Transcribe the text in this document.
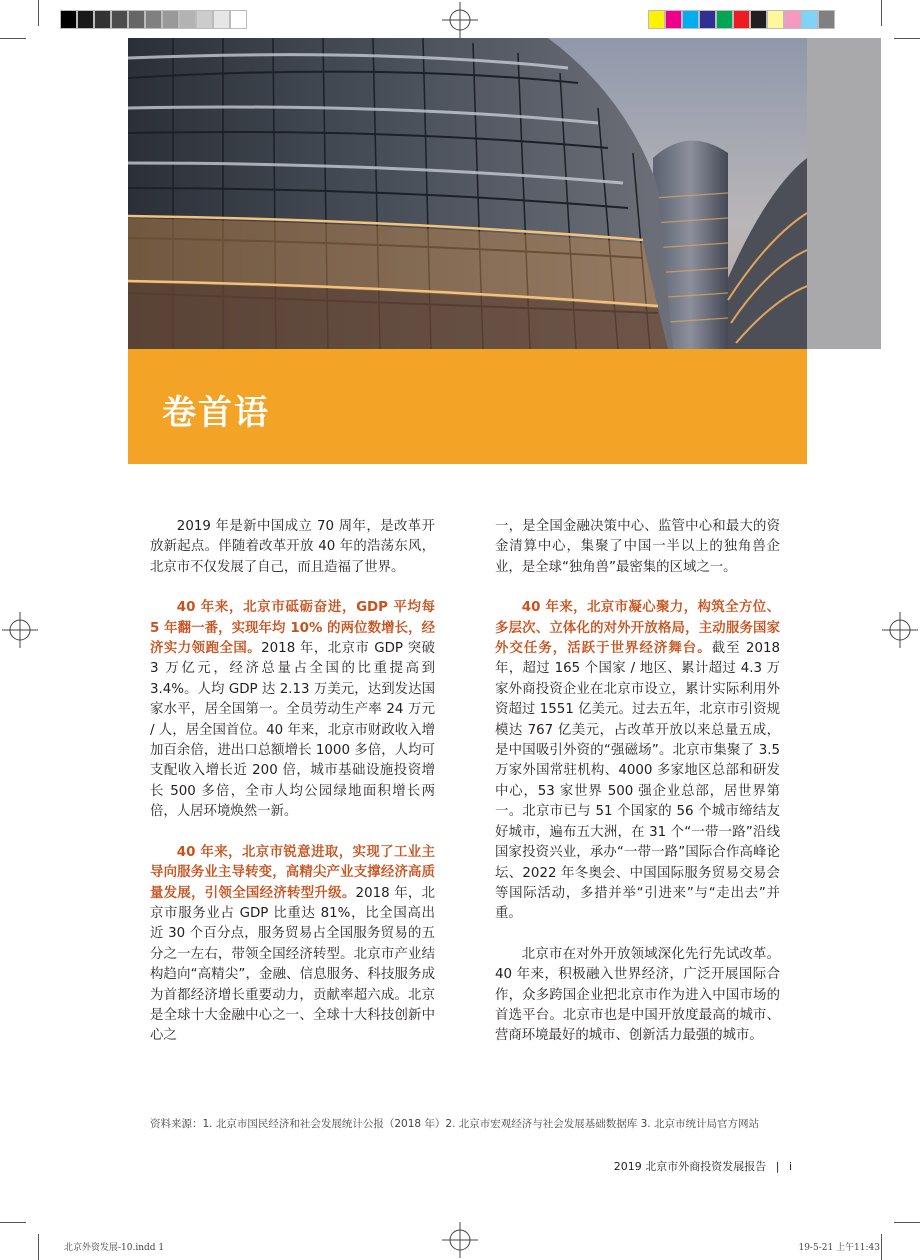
卷首语

2019 年是新中国成立 70 周年，是改革开放新起点。伴随着改革开放 40 年的浩荡东风，北京市不仅发展了自己，而且造福了世界。

40 年来，北京市砥砺奋进，GDP 平均每 5 年翻一番，实现年均 10% 的两位数增长，经济实力领跑全国。2018 年，北京市 GDP 突破 3 万亿元，经济总量占全国的比重提高到 3.4%。人均 GDP 达 2.13 万美元，达到发达国家水平，居全国第一。全员劳动生产率 24 万元 / 人，居全国首位。40 年来，北京市财政收入增加百余倍，进出口总额增长 1000 多倍，人均可支配收入增长近 200 倍，城市基础设施投资增长 500 多倍，全市人均公园绿地面积增长两倍，人居环境焕然一新。

40 年来，北京市锐意进取，实现了工业主导向服务业主导转变，高精尖产业支撑经济高质量发展，引领全国经济转型升级。2018 年，北京市服务业占 GDP 比重达 81%，比全国高出近 30 个百分点，服务贸易占全国服务贸易的五分之一左右，带领全国经济转型。北京市产业结构趋向“高精尖”，金融、信息服务、科技服务成为首都经济增长重要动力，贡献率超六成。北京是全球十大金融中心之一、全球十大科技创新中心之

一，是全国金融决策中心、监管中心和最大的资金清算中心，集聚了中国一半以上的独角兽企业，是全球“独角兽”最密集的区域之一。

40 年来，北京市凝心聚力，构筑全方位、多层次、立体化的对外开放格局，主动服务国家外交任务，活跃于世界经济舞台。截至 2018 年，超过 165 个国家 / 地区、累计超过 4.3 万家外商投资企业在北京市设立，累计实际利用外资超过 1551 亿美元。过去五年，北京市引资规模达 767 亿美元，占改革开放以来总量五成，是中国吸引外资的“强磁场”。北京市集聚了 3.5 万家外国常驻机构、4000 多家地区总部和研发中心，53 家世界 500 强企业总部，居世界第一。北京市已与 51 个国家的 56 个城市缔结友好城市，遍布五大洲，在 31 个“一带一路”沿线国家投资兴业，承办“一带一路”国际合作高峰论坛、2022 年冬奥会、中国国际服务贸易交易会等国际活动，多措并举“引进来”与“走出去”并重。

北京市在对外开放领域深化先行先试改革。40 年来，积极融入世界经济，广泛开展国际合作，众多跨国企业把北京市作为进入中国市场的首选平台。北京市也是中国开放度最高的城市、营商环境最好的城市、创新活力最强的城市。

资料来源：1. 北京市国民经济和社会发展统计公报（2018 年）2. 北京市宏观经济与社会发展基础数据库 3. 北京市统计局官方网站
2019 北京市外商投资发展报告 | i
北京外资发展-10.indd 1	19-5-21 上午11:43
